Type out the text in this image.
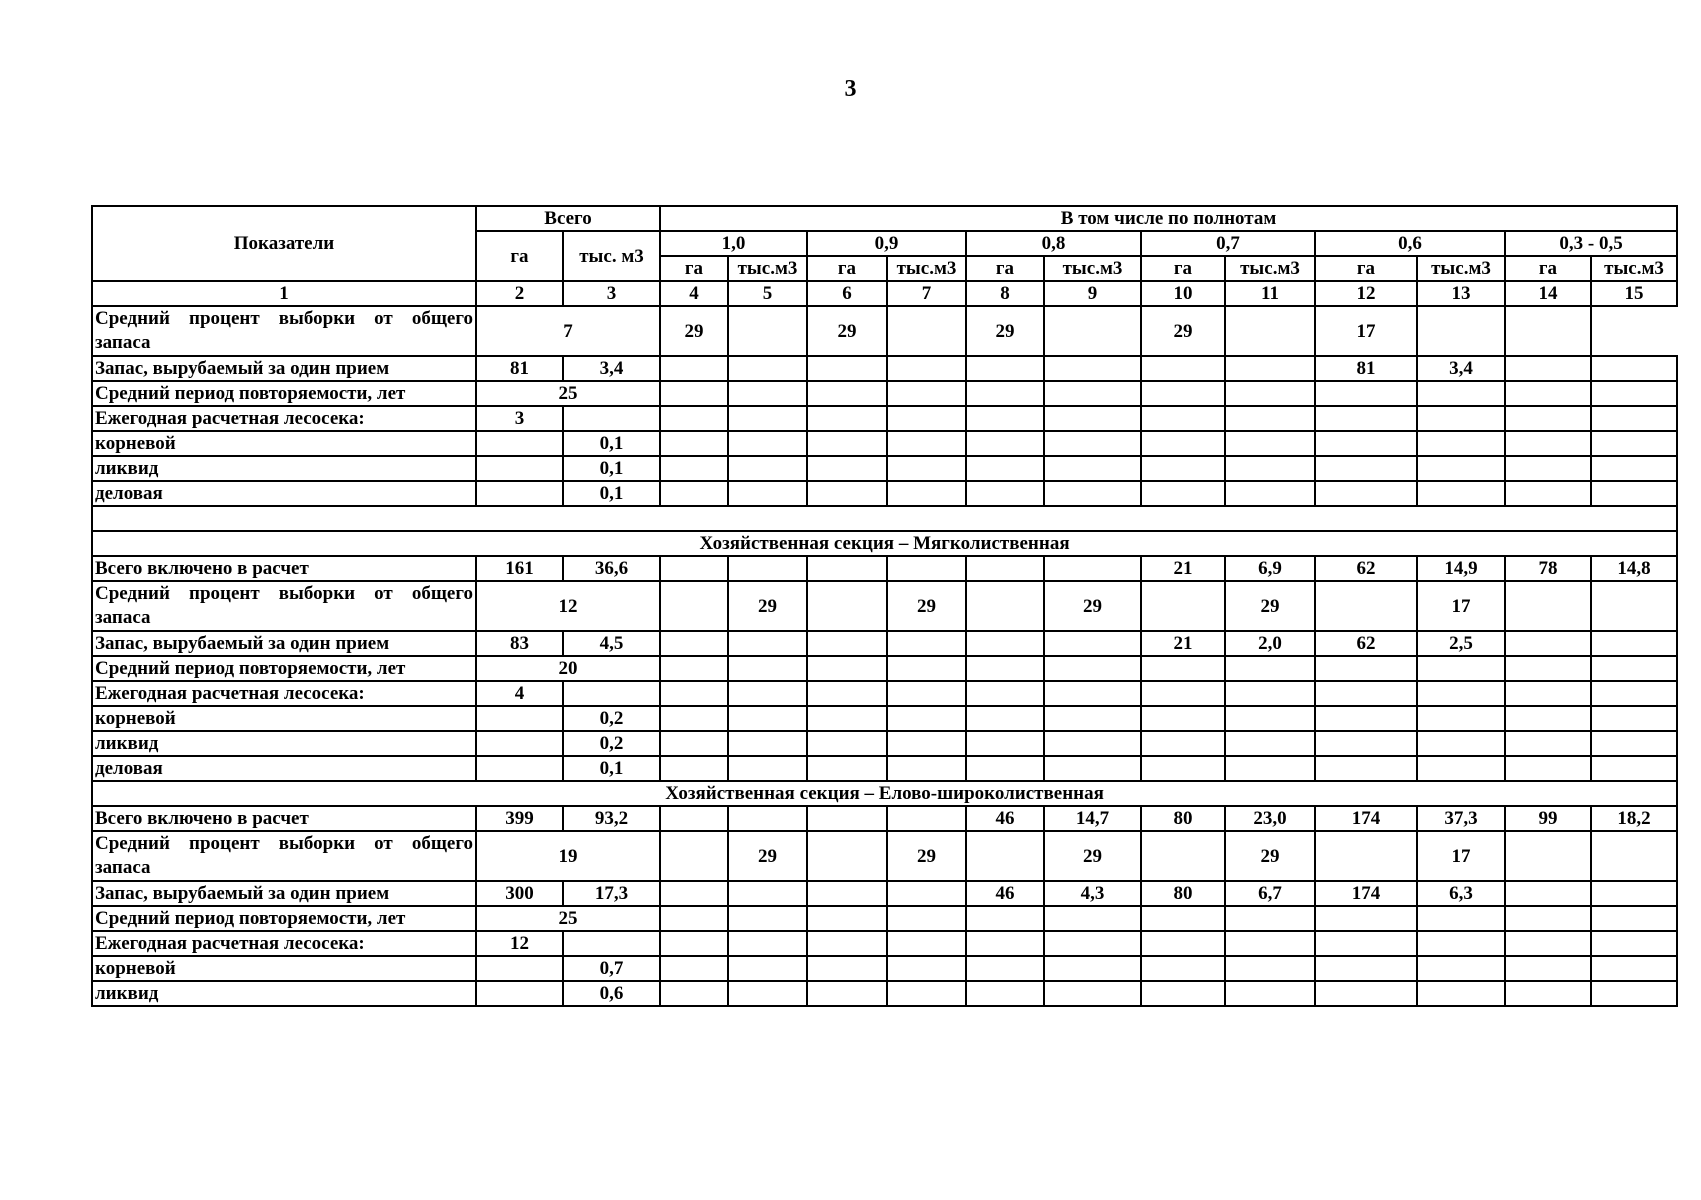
3
Показатели	Всего		В том числе по полнотам											
	га	тыс. м3	1,0		0,9		0,8		0,7		0,6		0,3 - 0,5	
			га	тыс.м3	га	тыс.м3	га	тыс.м3	га	тыс.м3	га	тыс.м3	га	тыс.м3
1	2	3	4	5	6	7	8	9	10	11	12	13	14	15
Средний процент выборки от общего запаса	7		29		29		29		29		17			
Запас, вырубаемый за один прием	81	3,4									81	3,4		
Средний период повторяемости, лет	25													
Ежегодная расчетная лесосека:	3													
корневой		0,1												
ликвид		0,1												
деловая		0,1												

Хозяйственная секция – Мягколиственная														
Всего включено в расчет	161	36,6							21	6,9	62	14,9	78	14,8
Средний процент выборки от общего запаса	12			29		29		29		29		17		
Запас, вырубаемый за один прием	83	4,5							21	2,0	62	2,5		
Средний период повторяемости, лет	20													
Ежегодная расчетная лесосека:	4													
корневой		0,2												
ликвид		0,2												
деловая		0,1												
Хозяйственная секция – Елово-широколиственная														
Всего включено в расчет	399	93,2					46	14,7	80	23,0	174	37,3	99	18,2
Средний процент выборки от общего запаса	19			29		29		29		29		17		
Запас, вырубаемый за один прием	300	17,3					46	4,3	80	6,7	174	6,3		
Средний период повторяемости, лет	25													
Ежегодная расчетная лесосека:	12													
корневой		0,7												
ликвид		0,6												
